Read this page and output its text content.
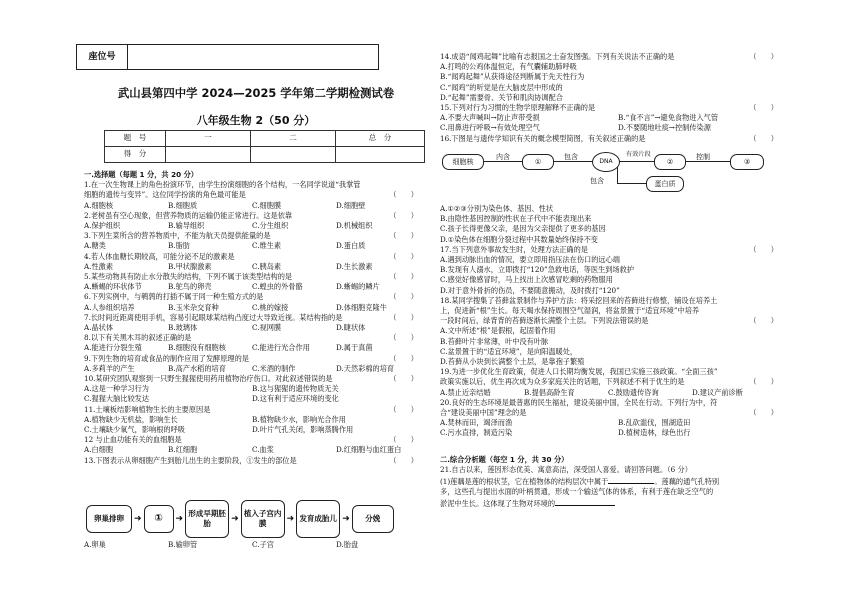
座位号
武山县第四中学 2024—2025 学年第二学期检测试卷
八年级生物 2（50 分）
题　号	一	二	总　分
得　分			
一.选择题（每题 1 分，共 20 分）
1.在一次生物课上的角色扮演环节，由学生扮演细胞的各个结构，一名同学说道“我掌管
细胞的遗传与变异”。这位同学扮演的角色最可能是	（　　）
A.细胞核	B.细胞质	C.细胞膜	D.细胞壁
2.老树虽有空心现象，但营养物质的运输仍能正常进行。这是依靠	（　　）
A.保护组织	B.输导组织	C.分生组织	D.机械组织
3.下列生菜所含的营养物质中，不能为航天员提供能量的是	（　　）
A.糖类	B.脂肪	C.维生素	D.蛋白质
4.若人体血糖长期较高，可能分泌不足的激素是	（　　）
A.性激素	B.甲状腺激素	C.胰岛素	D.生长激素
5.某些动物具有防止水分散失的结构，下列不属于该类型结构的是	（　　）
A.蜥蜴的环状体节	B.鸵鸟的卵壳	C.蝗虫的外骨骼	D.蜥蜴的鳞片
6.下列实例中，与鹌鹑的打插不属于同一种生殖方式的是	（　　）
A.人参组织培养	B.玉米杂交育种	C.桃的嫁接	D.体细胞克隆牛
7.长时间近距离使用手机，容易引起眼球某结构凸度过大导致近视。某结构指的是	（　　）
A.晶状体	B.玻璃体	C.视网膜	D.睫状体
8.以下有关黑木耳的叙述正确的是	（　　）
A.能进行分裂生殖	B.细胞没有细胞核	C.能进行光合作用	D.属于真菌
9.下列生物的培育或食品的制作应用了发酵原理的是	（　　）
A.多莉羊的产生	B.高产水稻的培育	C.米酒的制作	D.天然彩棉的培育
10.某研究团队观察到一只野生猩猩使用药用植物治疗伤口。对此叙述错误的是	（　　）
A.这是一种学习行为	B.这与猩猩的遗传物质无关
C.猩猩大脑比较发达	D.这有利于适应环境的变化
11.土壤板结影响植物生长的主要原因是	（　　）
A.植物缺少无机盐，影响生长	B.植物缺少水，影响光合作用
C.土壤缺少氧气，影响根的呼吸	D.叶片气孔关闭，影响蒸腾作用
12 与止血功能有关的血细胞是	（　　）
A.白细胞	B.红细胞	C.血浆	D.红细胞与血红蛋白
13.下图表示从卵细胞产生到胎儿出生的主要阶段，①发生的部位是	（　　）
卵巢排卵	➜	①	➜
形成早期胚胎	➜
植入子宫内膜	➜ 发育成胎儿 ➜	分娩
A.卵巢	B.输卵管	C.子宫	D.胎盘
14.成语“闻鸡起舞”比喻有志报国之士奋发图强。下列有关说法不正确的是	（　　）
A.打鸣的公鸡体温恒定，有气囊辅助肺呼吸
B.“闻鸡起舞”从获得途径判断属于先天性行为
C.“闻鸡”的听觉是在大脑皮层中形成的
D.“起舞”需要骨、关节和肌肉协调配合
15.下列对行为习惯的生物学原理解释不正确的是	（　　）
A.不要大声喊叫→防止声带受损	B.“食不言”→避免食物进入气管
C.用鼻进行呼吸→有效处理空气	D.不要随地吐痰→控制传染源
16.下图是与遗传学知识有关的概念模型简图，有关叙述正确的是	（　　）
细胞核
内含
①
包含
DNA
有效片段
②
控制
③
包含	蛋白质
A.①②③分别为染色体、基因、性状
B.由隐性基因控制的性状在子代中不能表现出来
C.孩子长得更像父亲，是因为父亲提供了更多的基因
D.①染色体在细胞分裂过程中其数量始终保持不变
17.当下列意外事故发生时，处理方法正确的是	（　　）
A.遇到动脉出血的情况，要立即用指压法在伤口的远心端
B.发现有人溺水，立即拨打“120”急救电话，等医生到场救护
C.感觉好像感冒时，马上找出上次感冒吃剩的药物服用
D.对于意外骨折的伤员，不要随意搬动，及时拨打“120”
18.某同学搜集了苔藓盆景制作与养护方法：将采挖回来的苔藓进行修整，铺设在培养土
上，促进新“根”生长。每天喝水保持周围空气湿润，将盆景置于“适宜环境”中培养
一段时间后，绿背背的苔藓逐渐长满整个土层。下列说法错误的是	（　　）
A.文中所述“根”是假根，起固着作用
B.苔藓叶片非常薄，叶中没有叶脉
C.盆景置于的“适宜环境”，是向阳温暖处，
D.苔藓从小块到长满整个土层，是靠孢子繁殖
19.为进一步优化生育政策，促进人口长期均衡发展，我国已实施三孩政策。“全面三孩”
政策实施以后，优生再次成为众多家庭关注的话题，下列叙述不利于优生的是	（　　）
A.禁止近亲结婚	B.提倡高龄生育	C.鼓励遗传咨询	D.建议产前诊断
20.良好的生态环境是最普惠的民生福祉，建设美丽中国，全民在行动。下列行为中，符
合“建设美丽中国”理念的是	（　　）
A.焚林而田，竭泽而渔	B.乱砍滥伐，围湖造田
C.污水直排，制造污染	D.植树造林，绿色出行
二.综合分析题（每空 1 分，共 30 分）
21.自古以来，莲因形态优美、寓意高洁，深受国人喜爱。请回答问题。（6 分）
(1)莲藕是莲的根状茎，它在植物体的结构层次中属于	。莲藕的通气孔特别
多，这些孔与提出水面的叶柄贯通，形成一个输送气体的体系，有利于莲在缺乏空气的
淤泥中生长。这体现了生物对环境的
